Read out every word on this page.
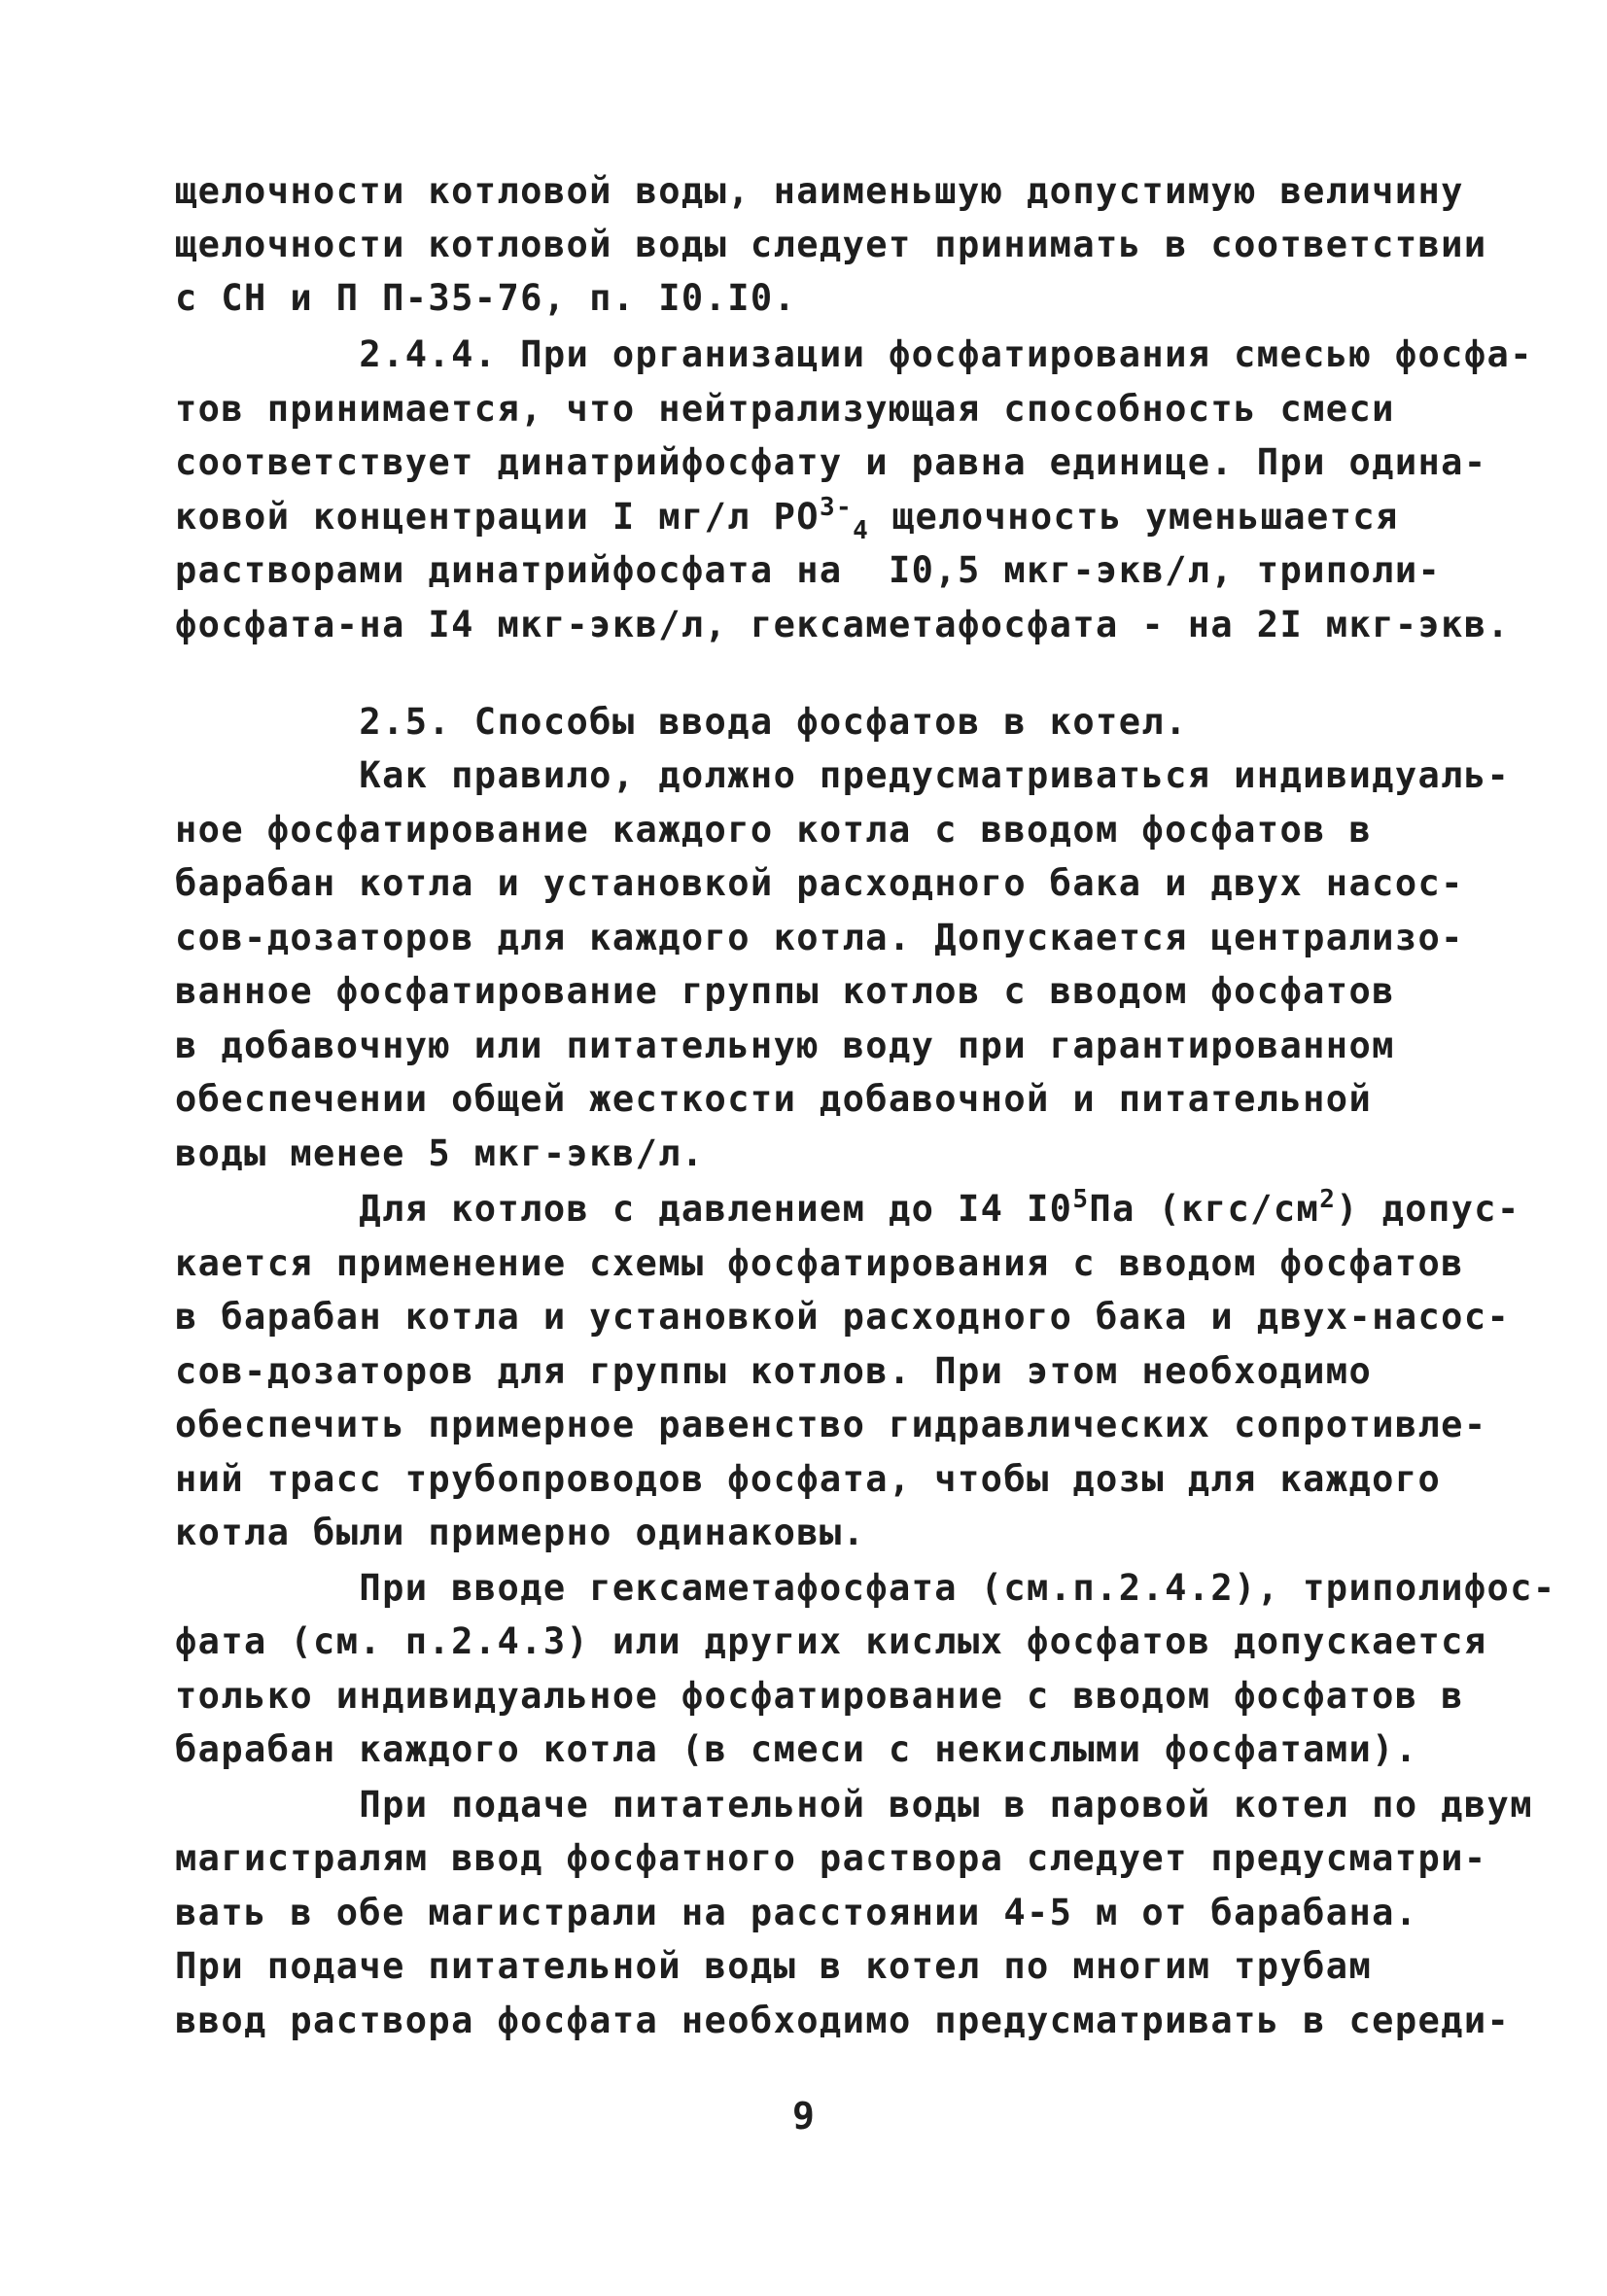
щелочности котловой воды, наименьшую допустимую величину
щелочности котловой воды следует принимать в соответствии
с СН и П П-35-76, п. I0.I0.
2.4.4. При организации фосфатирования смесью фосфа-
тов принимается, что нейтрализующая способность смеси
соответствует динатрийфосфату и равна единице. При одина-
ковой концентрации I мг/л $PO^{3-}_4$ щелочность уменьшается
растворами динатрийфосфата на  I0,5 мкг-экв/л, триполи-
фосфата-на I4 мкг-экв/л, гексаметафосфата - на 2I мкг-экв.
2.5. Способы ввода фосфатов в котел.
Как правило, должно предусматриваться индивидуаль-
ное фосфатирование каждого котла с вводом фосфатов в
барабан котла и установкой расходного бака и двух насос-
сов-дозаторов для каждого котла. Допускается централизо-
ванное фосфатирование группы котлов с вводом фосфатов
в добавочную или питательную воду при гарантированном
обеспечении общей жесткости добавочной и питательной
воды менее 5 мкг-экв/л.
Для котлов с давлением до I4 $I0^5Па$ $(кгс/см^2)$ допус-
кается применение схемы фосфатирования с вводом фосфатов
в барабан котла и установкой расходного бака и двух-насос-
сов-дозаторов для группы котлов. При этом необходимо
обеспечить примерное равенство гидравлических сопротивле-
ний трасс трубопроводов фосфата, чтобы дозы для каждого
котла были примерно одинаковы.
При вводе гексаметафосфата (см.п.2.4.2), триполифос-
фата (см. п.2.4.3) или других кислых фосфатов допускается
только индивидуальное фосфатирование с вводом фосфатов в
барабан каждого котла (в смеси с некислыми фосфатами).
При подаче питательной воды в паровой котел по двум
магистралям ввод фосфатного раствора следует предусматри-
вать в обе магистрали на расстоянии 4-5 м от барабана.
При подаче питательной воды в котел по многим трубам
ввод раствора фосфата необходимо предусматривать в середи-
9
